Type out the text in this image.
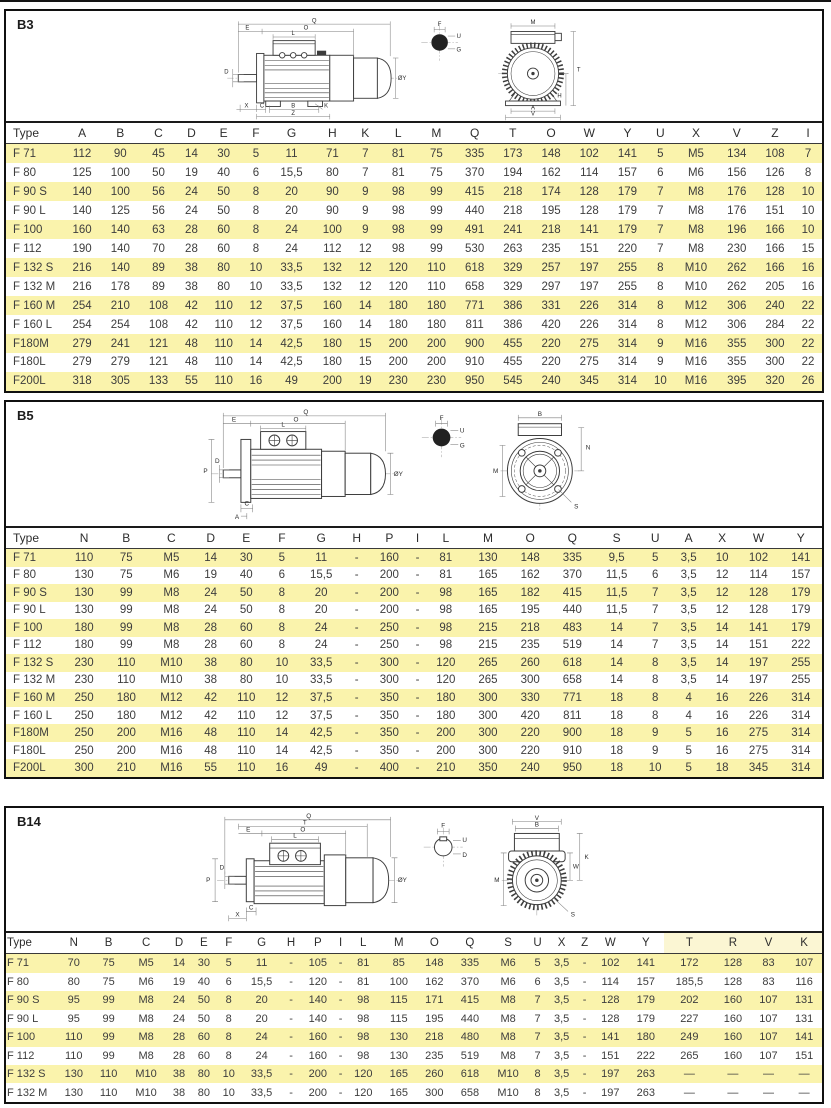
B3	Q
E	O
L
D
X C	B	K
Z
ØY
F
U
G
M
A
V
T
H
Type	A	B	C	D	E	F	G	H	K	L	M	Q	T	O	W	Y	U	X	V	Z	I
F 71	112	90	45	14	30	5	11	71	7	81	75	335	173	148	102	141	5	M5	134	108	7
F 80	125	100	50	19	40	6	15,5	80	7	81	75	370	194	162	114	157	6	M6	156	126	8
F 90 S	140	100	56	24	50	8	20	90	9	98	99	415	218	174	128	179	7	M8	176	128	10
F 90 L	140	125	56	24	50	8	20	90	9	98	99	440	218	195	128	179	7	M8	176	151	10
F 100	160	140	63	28	60	8	24	100	9	98	99	491	241	218	141	179	7	M8	196	166	10
F 112	190	140	70	28	60	8	24	112	12	98	99	530	263	235	151	220	7	M8	230	166	15
F 132 S	216	140	89	38	80	10	33,5	132	12	120	110	618	329	257	197	255	8	M10	262	166	16
F 132 M	216	178	89	38	80	10	33,5	132	12	120	110	658	329	297	197	255	8	M10	262	205	16
F 160 M	254	210	108	42	110	12	37,5	160	14	180	180	771	386	331	226	314	8	M12	306	240	22
F 160 L	254	254	108	42	110	12	37,5	160	14	180	180	811	386	420	226	314	8	M12	306	284	22
F180M	279	241	121	48	110	14	42,5	180	15	200	200	900	455	220	275	314	9	M16	355	300	22
F180L	279	279	121	48	110	14	42,5	180	15	200	200	910	455	220	275	314	9	M16	355	300	22
F200L	318	305	133	55	110	16	49	200	19	230	230	950	545	240	345	314	10	M16	395	320	26
B5	Q
E	O
L
P
D
C
A
ØY
F
U
G
B
M
N
S
Type	N	B	C	D	E	F	G	H	P	I	L	M	O	Q	S	U	A	X	W	Y
F 71	110	75	M5	14	30	5	11	-	160	-	81	130	148	335	9,5	5	3,5	10	102	141
F 80	130	75	M6	19	40	6	15,5	-	200	-	81	165	162	370	11,5	6	3,5	12	114	157
F 90 S	130	99	M8	24	50	8	20	-	200	-	98	165	182	415	11,5	7	3,5	12	128	179
F 90 L	130	99	M8	24	50	8	20	-	200	-	98	165	195	440	11,5	7	3,5	12	128	179
F 100	180	99	M8	28	60	8	24	-	250	-	98	215	218	483	14	7	3,5	14	141	179
F 112	180	99	M8	28	60	8	24	-	250	-	98	215	235	519	14	7	3,5	14	151	222
F 132 S	230	110	M10	38	80	10	33,5	-	300	-	120	265	260	618	14	8	3,5	14	197	255
F 132 M	230	110	M10	38	80	10	33,5	-	300	-	120	265	300	658	14	8	3,5	14	197	255
F 160 M	250	180	M12	42	110	12	37,5	-	350	-	180	300	330	771	18	8	4	16	226	314
F 160 L	250	180	M12	42	110	12	37,5	-	350	-	180	300	420	811	18	8	4	16	226	314
F180M	250	200	M16	48	110	14	42,5	-	350	-	200	300	220	900	18	9	5	16	275	314
F180L	250	200	M16	48	110	14	42,5	-	350	-	200	300	220	910	18	9	5	16	275	314
F200L	300	210	M16	55	110	16	49	-	400	-	210	350	240	950	18	10	5	18	345	314
B14	Q
T
E	O
L
P
D
C
X
ØY
F
U
D
V
B
M
W
K
S
Type	N	B	C	D	E	F	G	H	P	I	L	M	O	Q	S	U	X	Z	W	Y	T	R	V	K
F 71	70	75	M5	14	30	5	11	-	105	-	81	85	148	335	M6	5	3,5	-	102	141	172	128	83	107
F 80	80	75	M6	19	40	6	15,5	-	120	-	81	100	162	370	M6	6	3,5	-	114	157	185,5	128	83	116
F 90 S	95	99	M8	24	50	8	20	-	140	-	98	115	171	415	M8	7	3,5	-	128	179	202	160	107	131
F 90 L	95	99	M8	24	50	8	20	-	140	-	98	115	195	440	M8	7	3,5	-	128	179	227	160	107	131
F 100	110	99	M8	28	60	8	24	-	160	-	98	130	218	480	M8	7	3,5	-	141	180	249	160	107	141
F 112	110	99	M8	28	60	8	24	-	160	-	98	130	235	519	M8	7	3,5	-	151	222	265	160	107	151
F 132 S	130	110	M10	38	80	10	33,5	-	200	-	120	165	260	618	M10	8	3,5	-	197	263	—	—	—	—
F 132 M	130	110	M10	38	80	10	33,5	-	200	-	120	165	300	658	M10	8	3,5	-	197	263	—	—	—	—
